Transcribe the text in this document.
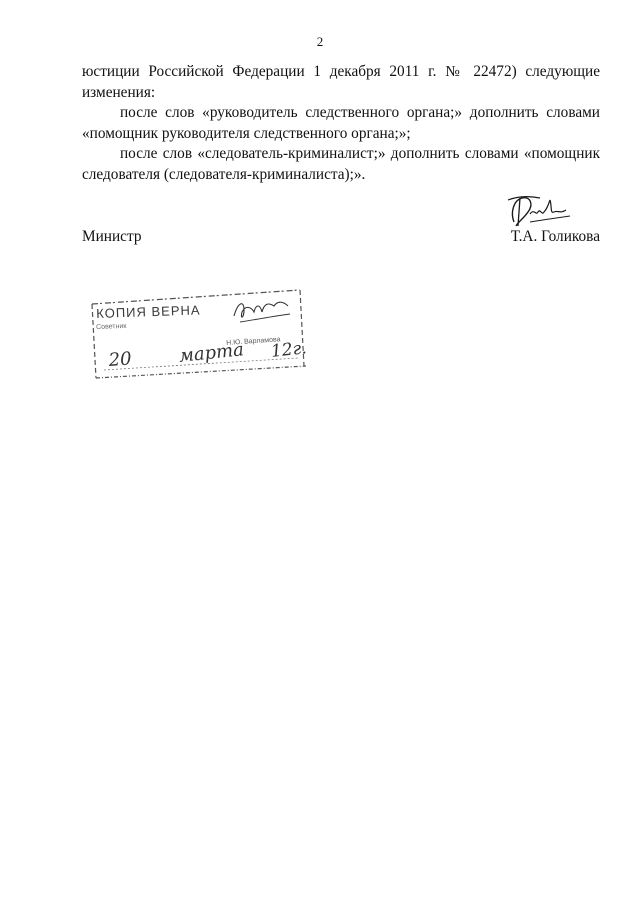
2

юстиции Российской Федерации 1 декабря 2011 г. № 22472) следующие изменения:

после слов «руководитель следственного органа;» дополнить словами «помощник руководителя следственного органа;»;

после слов «следователь-криминалист;» дополнить словами «помощник следователя (следователя-криминалиста);».

Министр	Т.А. Голикова
КОПИЯ ВЕРНА
Советник
Н.Ю. Варламова
20	марта 12г.
